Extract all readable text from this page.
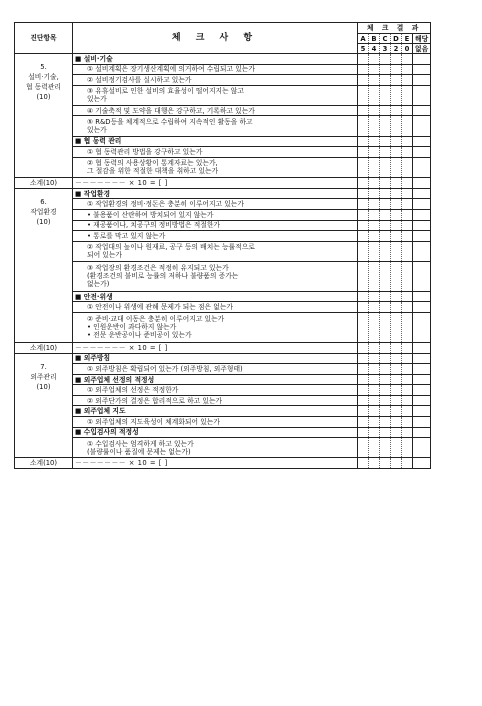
진단항목	체 크 사 항	체 크 결 과					
		A	B	C	D	E	해당
		5	4	3	2	0	없음

5.
설비·기술,
협 동력관리
(10)	■ 설비·기술						

	① 설비계획은 장기생산계획에 의거하여 수립되고 있는가						

	② 설비정기검사를 실시하고 있는가						

	③ 유휴설비로 인한 설비의 효율성이 떨어지지는 않고
있는가						

	④ 기술축적 및 도약을 대행은 강구하고, 기록하고 있는가						

	⑤ R&D등을 체계적으로 수립하여 지속적인 활동을 하고
있는가						

	■ 협 동력 관리						

	① 협 동력관리 방법을 강구하고 있는가						

	② 협 동력의 사용상황이 통계자료는 있는가,
그 절감을 위한 적절한 대책을 취하고 있는가						

소계(10)	－－－－－－－ × 10 = [ ]						

6.
작업환경
(10)	■ 작업환경						

	① 작업환경의 정비·정돈은 충분히 이루어지고 있는가						

	• 불용품이 산란하여 방치되어 있지 않는가						

	• 재공품이나, 치공구의 정비방법은 적절한가						

	• 통로를 막고 있지 않는가						

	② 작업대의 높이나 원재료, 공구 등의 배치는 능률적으로
되어 있는가						

	③ 작업장의 환경조건은 적정히 유지되고 있는가
(환경조건의 불비로 능률의 저하나 불량품의 증가는
없는가)						

	■ 안전·위생						

	① 안전이나 위생에 관해 문제가 되는 점은 없는가						

	② 준비·교대 이동은 충분히 이루어지고 있는가
• 인원운반이 과다하지 않는가
• 전문 운반공이나 준비공이 있는가						

소계(10)	－－－－－－－ × 10 = [ ]						

7.
외주관리
(10)	■ 외주방침						

	① 외주방침은 확립되어 있는가 (외주방침, 외주형태)						

	■ 외주업체 선정의 적정성						

	① 외주업체의 선정은 적정한가						

	② 외주단가의 결정은 합리적으로 하고 있는가						

	■ 외주업체 지도						

	① 외주업체의 지도육성이 체계화되어 있는가						

	■ 수입검사의 적정성						

	① 수입검사는 엄격하게 하고 있는가
(불량률이나 품질에 문제는 없는가)						

소계(10)	－－－－－－－ × 10 = [ ]						
